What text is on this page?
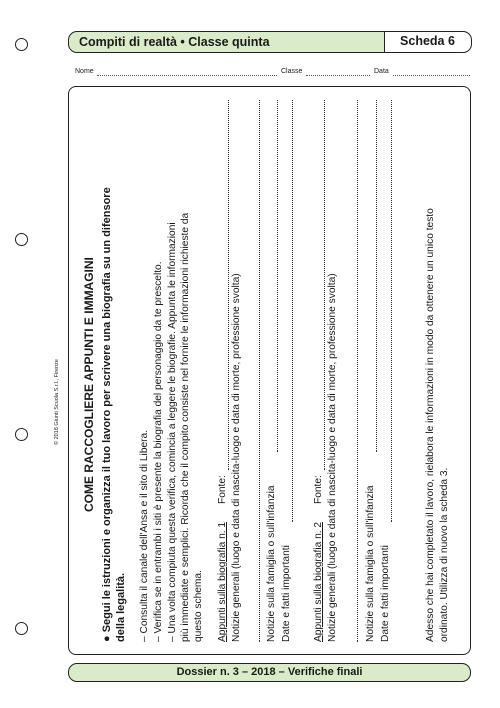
Compiti di realtà • Classe quinta	Scheda 6
Nome	Classe	Data
COME RACCOGLIERE APPUNTI E IMMAGINI ● Segui le istruzioni e organizza il tuo lavoro per scrivere una biografia su un difensore della legalità. – Consulta il canale dell'Ansa e il sito di Libera. – Verifica se in entrambi i siti è presente la biografia del personaggio da te prescelto. – Una volta compiuta questa verifica, comincia a leggere le biografie. Appunta le informazioni più immediate e semplici. Ricorda che il compito consiste nel fornire le informazioni richieste da questo schema. Appunti sulla biografia n. 1
Fonte: Notizie generali (luogo e data di nascita-luogo e data di morte, professione svolta) Notizie sulla famiglia o sull'infanzia Date e fatti importanti Appunti sulla biografia n. 2
Fonte: Notizie generali (luogo e data di nascita-luogo e data di morte, professione svolta)	Notizie sulla famiglia o sull'infanzia Date e fatti importanti	Adesso che hai completato il lavoro, rielabora le informazioni in modo da ottenere un unico testo ordinato. Utilizza di nuovo la scheda 3.
© 2018 Giunti Scuola S.r.l., Firenze
Dossier n. 3 – 2018 – Verifiche finali
